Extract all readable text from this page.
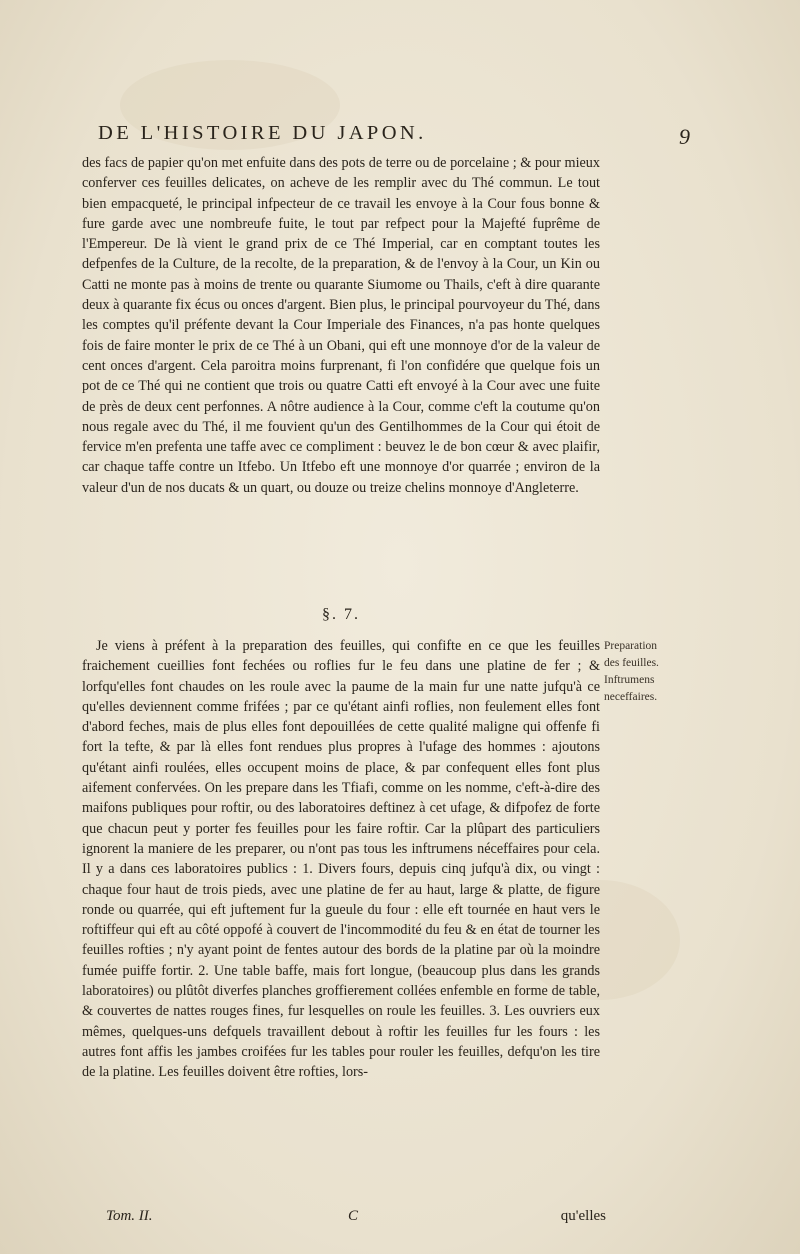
DE L'HISTOIRE DU JAPON.	9

des facs de papier qu'on met enfuite dans des pots de terre ou de porcelaine ; & pour mieux conferver ces feuilles delicates, on acheve de les remplir avec du Thé commun. Le tout bien empacqueté, le principal infpecteur de ce travail les envoye à la Cour fous bonne & fure garde avec une nombreufe fuite, le tout par refpect pour la Majefté fuprême de l'Empereur. De là vient le grand prix de ce Thé Imperial, car en comptant toutes les defpenfes de la Culture, de la recolte, de la preparation, & de l'envoy à la Cour, un Kin ou Catti ne monte pas à moins de trente ou quarante Siumome ou Thails, c'eft à dire quarante deux à quarante fix écus ou onces d'argent. Bien plus, le principal pourvoyeur du Thé, dans les comptes qu'il préfente devant la Cour Imperiale des Finances, n'a pas honte quelques fois de faire monter le prix de ce Thé à un Obani, qui eft une monnoye d'or de la valeur de cent onces d'argent. Cela paroitra moins furprenant, fi l'on confidére que quelque fois un pot de ce Thé qui ne contient que trois ou quatre Catti eft envoyé à la Cour avec une fuite de près de deux cent perfonnes. A nôtre audience à la Cour, comme c'eft la coutume qu'on nous regale avec du Thé, il me fouvient qu'un des Gentilhommes de la Cour qui étoit de fervice m'en prefenta une taffe avec ce compliment : beuvez le de bon cœur & avec plaifir, car chaque taffe contre un Itfebo. Un Itfebo eft une monnoye d'or quarrée ; environ de la valeur d'un de nos ducats & un quart, ou douze ou treize chelins monnoye d'Angleterre.

§. 7.

Je viens à préfent à la preparation des feuilles, qui confifte en ce que les feuilles fraichement cueillies font fechées ou roflies fur le feu dans une platine de fer ; & lorfqu'elles font chaudes on les roule avec la paume de la main fur une natte jufqu'à ce qu'elles deviennent comme frifées ; par ce qu'étant ainfi roflies, non feulement elles font d'abord feches, mais de plus elles font depouillées de cette qualité maligne qui offenfe fi fort la tefte, & par là elles font rendues plus propres à l'ufage des hommes : ajoutons qu'étant ainfi roulées, elles occupent moins de place, & par confequent elles font plus aifement confervées. On les prepare dans les Tfiafi, comme on les nomme, c'eft-à-dire des maifons publiques pour roftir, ou des laboratoires deftinez à cet ufage, & difpofez de forte que chacun peut y porter fes feuilles pour les faire roftir. Car la plûpart des particuliers ignorent la maniere de les preparer, ou n'ont pas tous les inftrumens néceffaires pour cela. Il y a dans ces laboratoires publics : 1. Divers fours, depuis cinq jufqu'à dix, ou vingt : chaque four haut de trois pieds, avec une platine de fer au haut, large & platte, de figure ronde ou quarrée, qui eft juftement fur la gueule du four : elle eft tournée en haut vers le roftiffeur qui eft au côté oppofé à couvert de l'incommodité du feu & en état de tourner les feuilles rofties ; n'y ayant point de fentes autour des bords de la platine par où la moindre fumée puiffe fortir. 2. Une table baffe, mais fort longue, (beaucoup plus dans les grands laboratoires) ou plûtôt diverfes planches groffierement collées enfemble en forme de table, & couvertes de nattes rouges fines, fur lesquelles on roule les feuilles. 3. Les ouvriers eux mêmes, quelques-uns defquels travaillent debout à roftir les feuilles fur les fours : les autres font affis les jambes croifées fur les tables pour rouler les feuilles, defqu'on les tire de la platine. Les feuilles doivent être rofties, lors-

Preparation des feuilles. Inftrumens neceffaires.
Tom. II.	C	qu'elles
